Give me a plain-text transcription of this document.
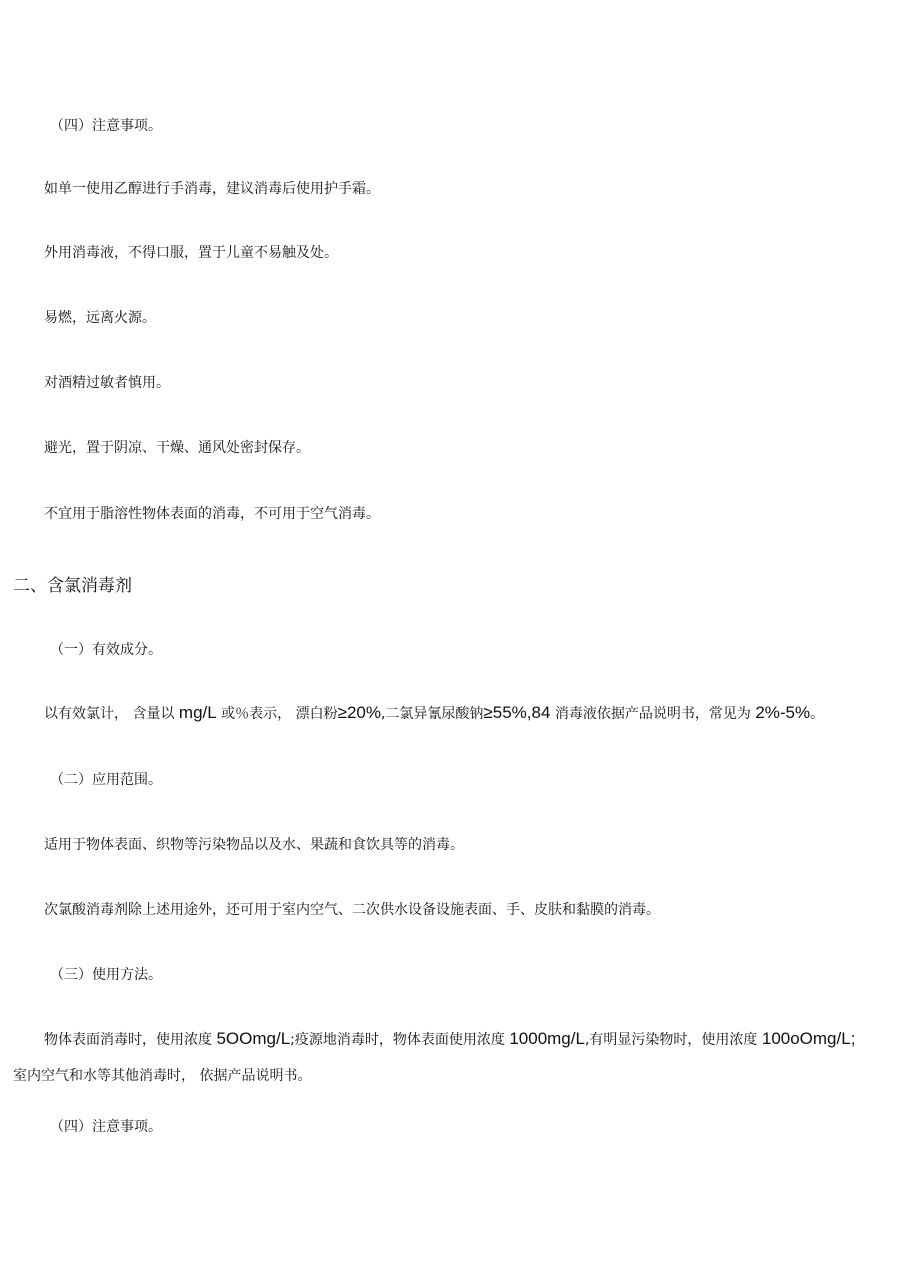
（四）注意事项。
如单一使用乙醇进行手消毒，建议消毒后使用护手霜。
外用消毒液，不得口服，置于儿童不易触及处。
易燃，远离火源。
对酒精过敏者慎用。
避光，置于阴凉、干燥、通风处密封保存。
不宜用于脂溶性物体表面的消毒，不可用于空气消毒。
二、含氯消毒剂
（一）有效成分。
以有效氯计， 含量以 mg/L 或％表示， 漂白粉≥20%,二氯异氰尿酸钠≥55%,84 消毒液依据产品说明书，常见为 2%-5%。
（二）应用范围。
适用于物体表面、织物等污染物品以及水、果蔬和食饮具等的消毒。
次氯酸消毒剂除上述用途外，还可用于室内空气、二次供水设备设施表面、手、皮肤和黏膜的消毒。
（三）使用方法。
物体表面消毒时，使用浓度 5OOmg/L;疫源地消毒时，物体表面使用浓度 1000mg/L,有明显污染物时，使用浓度 100oOmg/L;
室内空气和水等其他消毒时， 依据产品说明书。
（四）注意事项。
